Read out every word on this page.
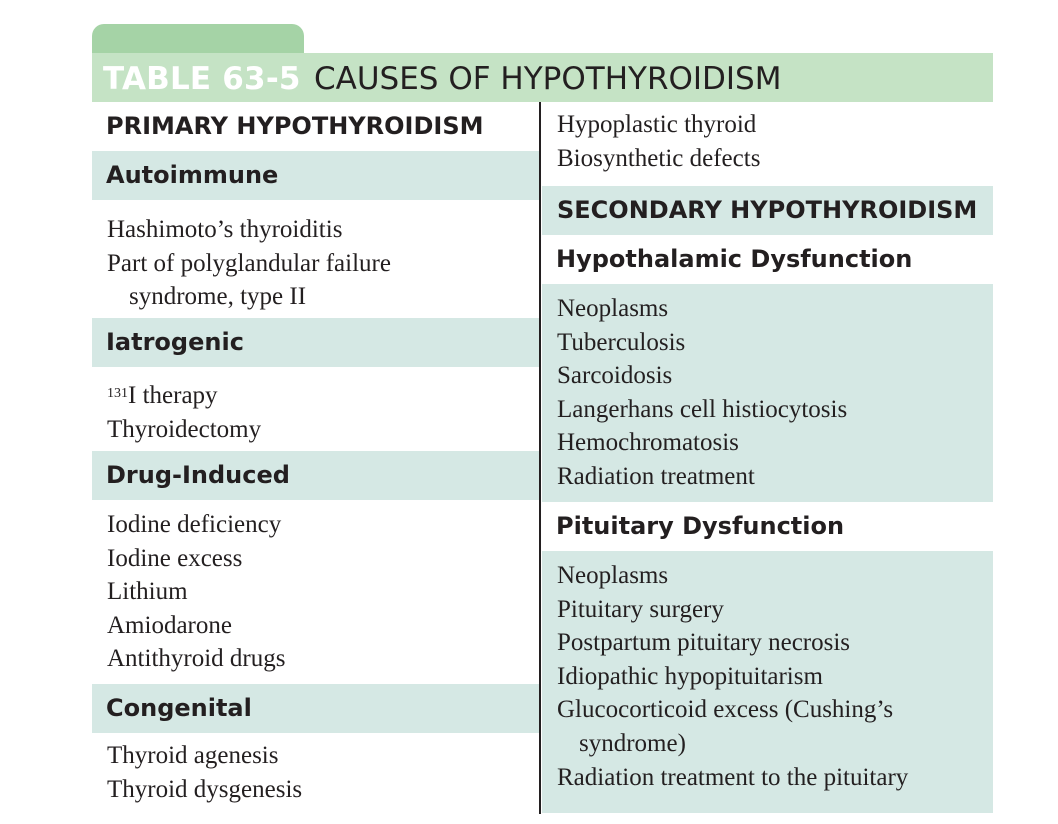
TABLE 63-5 CAUSES OF HYPOTHYROIDISM
PRIMARY HYPOTHYROIDISM
Autoimmune
Hashimoto’s thyroiditis
Part of polyglandular failure
syndrome, type II
Iatrogenic
$^{131}$I therapy
Thyroidectomy
Drug-Induced
Iodine deficiency
Iodine excess
Lithium
Amiodarone
Antithyroid drugs
Congenital
Thyroid agenesis
Thyroid dysgenesis
Hypoplastic thyroid
Biosynthetic defects
SECONDARY HYPOTHYROIDISM
Hypothalamic Dysfunction
Neoplasms
Tuberculosis
Sarcoidosis
Langerhans cell histiocytosis
Hemochromatosis
Radiation treatment
Pituitary Dysfunction
Neoplasms
Pituitary surgery
Postpartum pituitary necrosis
Idiopathic hypopituitarism
Glucocorticoid excess (Cushing’s
syndrome)
Radiation treatment to the pituitary
